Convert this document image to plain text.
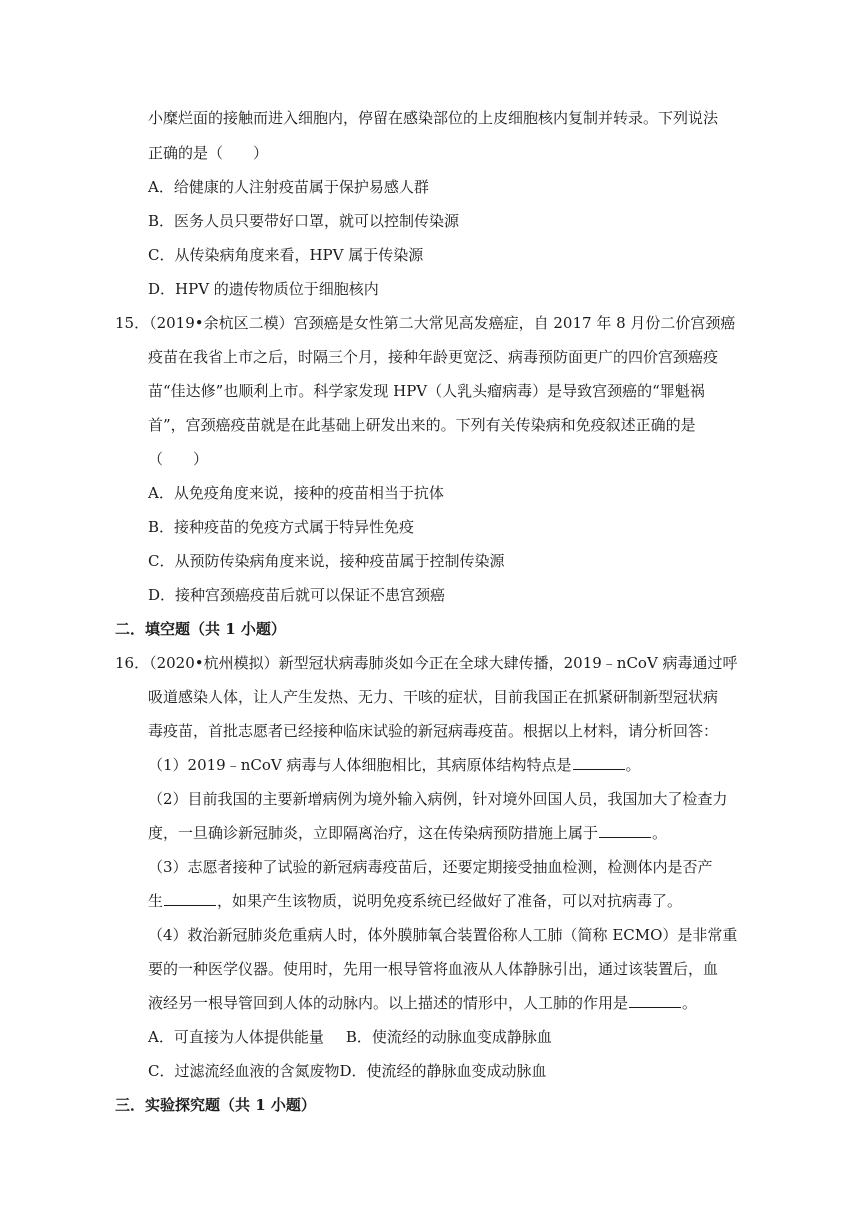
小糜烂面的接触而进入细胞内，停留在感染部位的上皮细胞核内复制并转录。下列说法
正确的是（　　）
A．给健康的人注射疫苗属于保护易感人群
B．医务人员只要带好口罩，就可以控制传染源
C．从传染病角度来看，HPV 属于传染源
D．HPV 的遗传物质位于细胞核内
15．（2019•余杭区二模）宫颈癌是女性第二大常见高发癌症，自 2017 年 8 月份二价宫颈癌
疫苗在我省上市之后，时隔三个月，接种年龄更宽泛、病毒预防面更广的四价宫颈癌疫
苗“佳达修”也顺利上市。科学家发现 HPV（人乳头瘤病毒）是导致宫颈癌的“罪魁祸
首”，宫颈癌疫苗就是在此基础上研发出来的。下列有关传染病和免疫叙述正确的是
（　　）
A．从免疫角度来说，接种的疫苗相当于抗体
B．接种疫苗的免疫方式属于特异性免疫
C．从预防传染病角度来说，接种疫苗属于控制传染源
D．接种宫颈癌疫苗后就可以保证不患宫颈癌
二．填空题（共 1 小题）
16．（2020•杭州模拟）新型冠状病毒肺炎如今正在全球大肆传播，2019﹣nCoV 病毒通过呼
吸道感染人体，让人产生发热、无力、干咳的症状，目前我国正在抓紧研制新型冠状病
毒疫苗，首批志愿者已经接种临床试验的新冠病毒疫苗。根据以上材料，请分析回答：
（1）2019﹣nCoV 病毒与人体细胞相比，其病原体结构特点是	。
（2）目前我国的主要新增病例为境外输入病例，针对境外回国人员，我国加大了检查力
度，一旦确诊新冠肺炎，立即隔离治疗，这在传染病预防措施上属于	。
（3）志愿者接种了试验的新冠病毒疫苗后，还要定期接受抽血检测，检测体内是否产
生	，如果产生该物质，说明免疫系统已经做好了准备，可以对抗病毒了。
（4）救治新冠肺炎危重病人时，体外膜肺氧合装置俗称人工肺（简称 ECMO）是非常重
要的一种医学仪器。使用时，先用一根导管将血液从人体静脉引出，通过该装置后，血
液经另一根导管回到人体的动脉内。以上描述的情形中，人工肺的作用是	。
A．可直接为人体提供能量 B．使流经的动脉血变成静脉血
C．过滤流经血液的含氮废物D．使流经的静脉血变成动脉血
三．实验探究题（共 1 小题）
